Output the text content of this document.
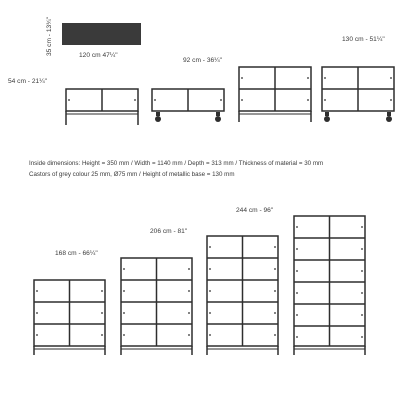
35 cm - 13¾"	120 cm 47¼"
54 cm - 21¼"
92 cm - 36¼"
130 cm - 51¼"
Inside dimensions: Height = 350 mm / Width = 1140 mm / Depth = 313 mm / Thickness of material = 30 mm
Castors of grey colour 25 mm, Ø75 mm / Height of metallic base = 130 mm
168 cm - 66¼"
206 cm - 81"
244 cm - 96"
